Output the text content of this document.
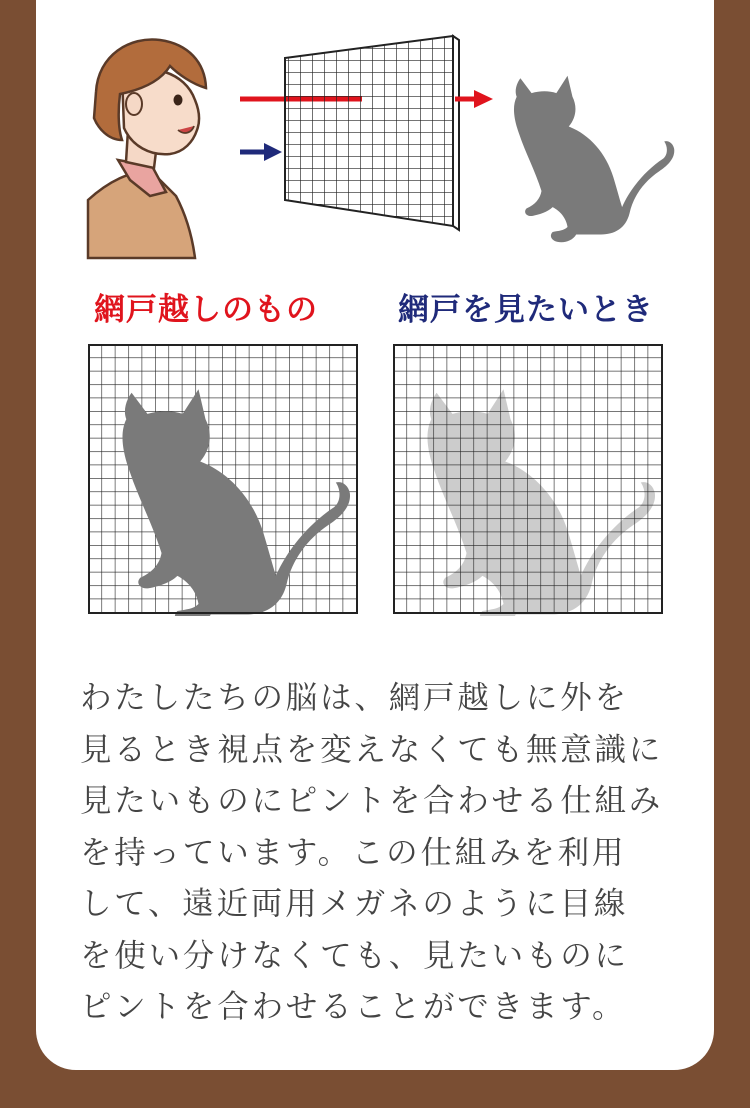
網戸越しのもの	網戸を見たいとき
わたしたちの脳は、網戸越しに外を
見るとき視点を変えなくても無意識に
見たいものにピントを合わせる仕組み
を持っています。この仕組みを利用
して、遠近両用メガネのように目線
を使い分けなくても、見たいものに
ピントを合わせることができます。
